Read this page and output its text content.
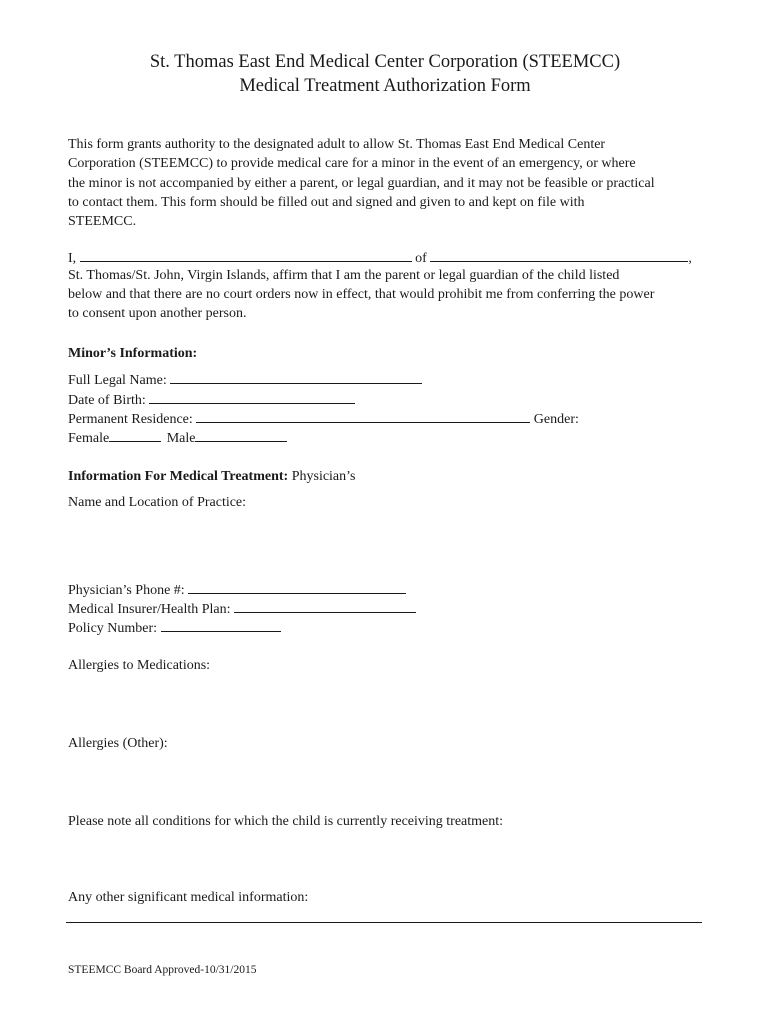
St. Thomas East End Medical Center Corporation (STEEMCC)
Medical Treatment Authorization Form
This form grants authority to the designated adult to allow St. Thomas East End Medical Center
Corporation (STEEMCC) to provide medical care for a minor in the event of an emergency, or where
the minor is not accompanied by either a parent, or legal guardian, and it may not be feasible or practical
to contact them. This form should be filled out and signed and given to and kept on file with
STEEMCC.
I,	of	,
St. Thomas/St. John, Virgin Islands, affirm that I am the parent or legal guardian of the child listed
below and that there are no court orders now in effect, that would prohibit me from conferring the power
to consent upon another person.
Minor’s Information:
Full Legal Name:
Date of Birth:
Permanent Residence:	Gender:
Female	Male
Information For Medical Treatment: Physician’s
Name and Location of Practice:
Physician’s Phone #:
Medical Insurer/Health Plan:
Policy Number:
Allergies to Medications:
Allergies (Other):
Please note all conditions for which the child is currently receiving treatment:
Any other significant medical information:
STEEMCC Board Approved-10/31/2015
